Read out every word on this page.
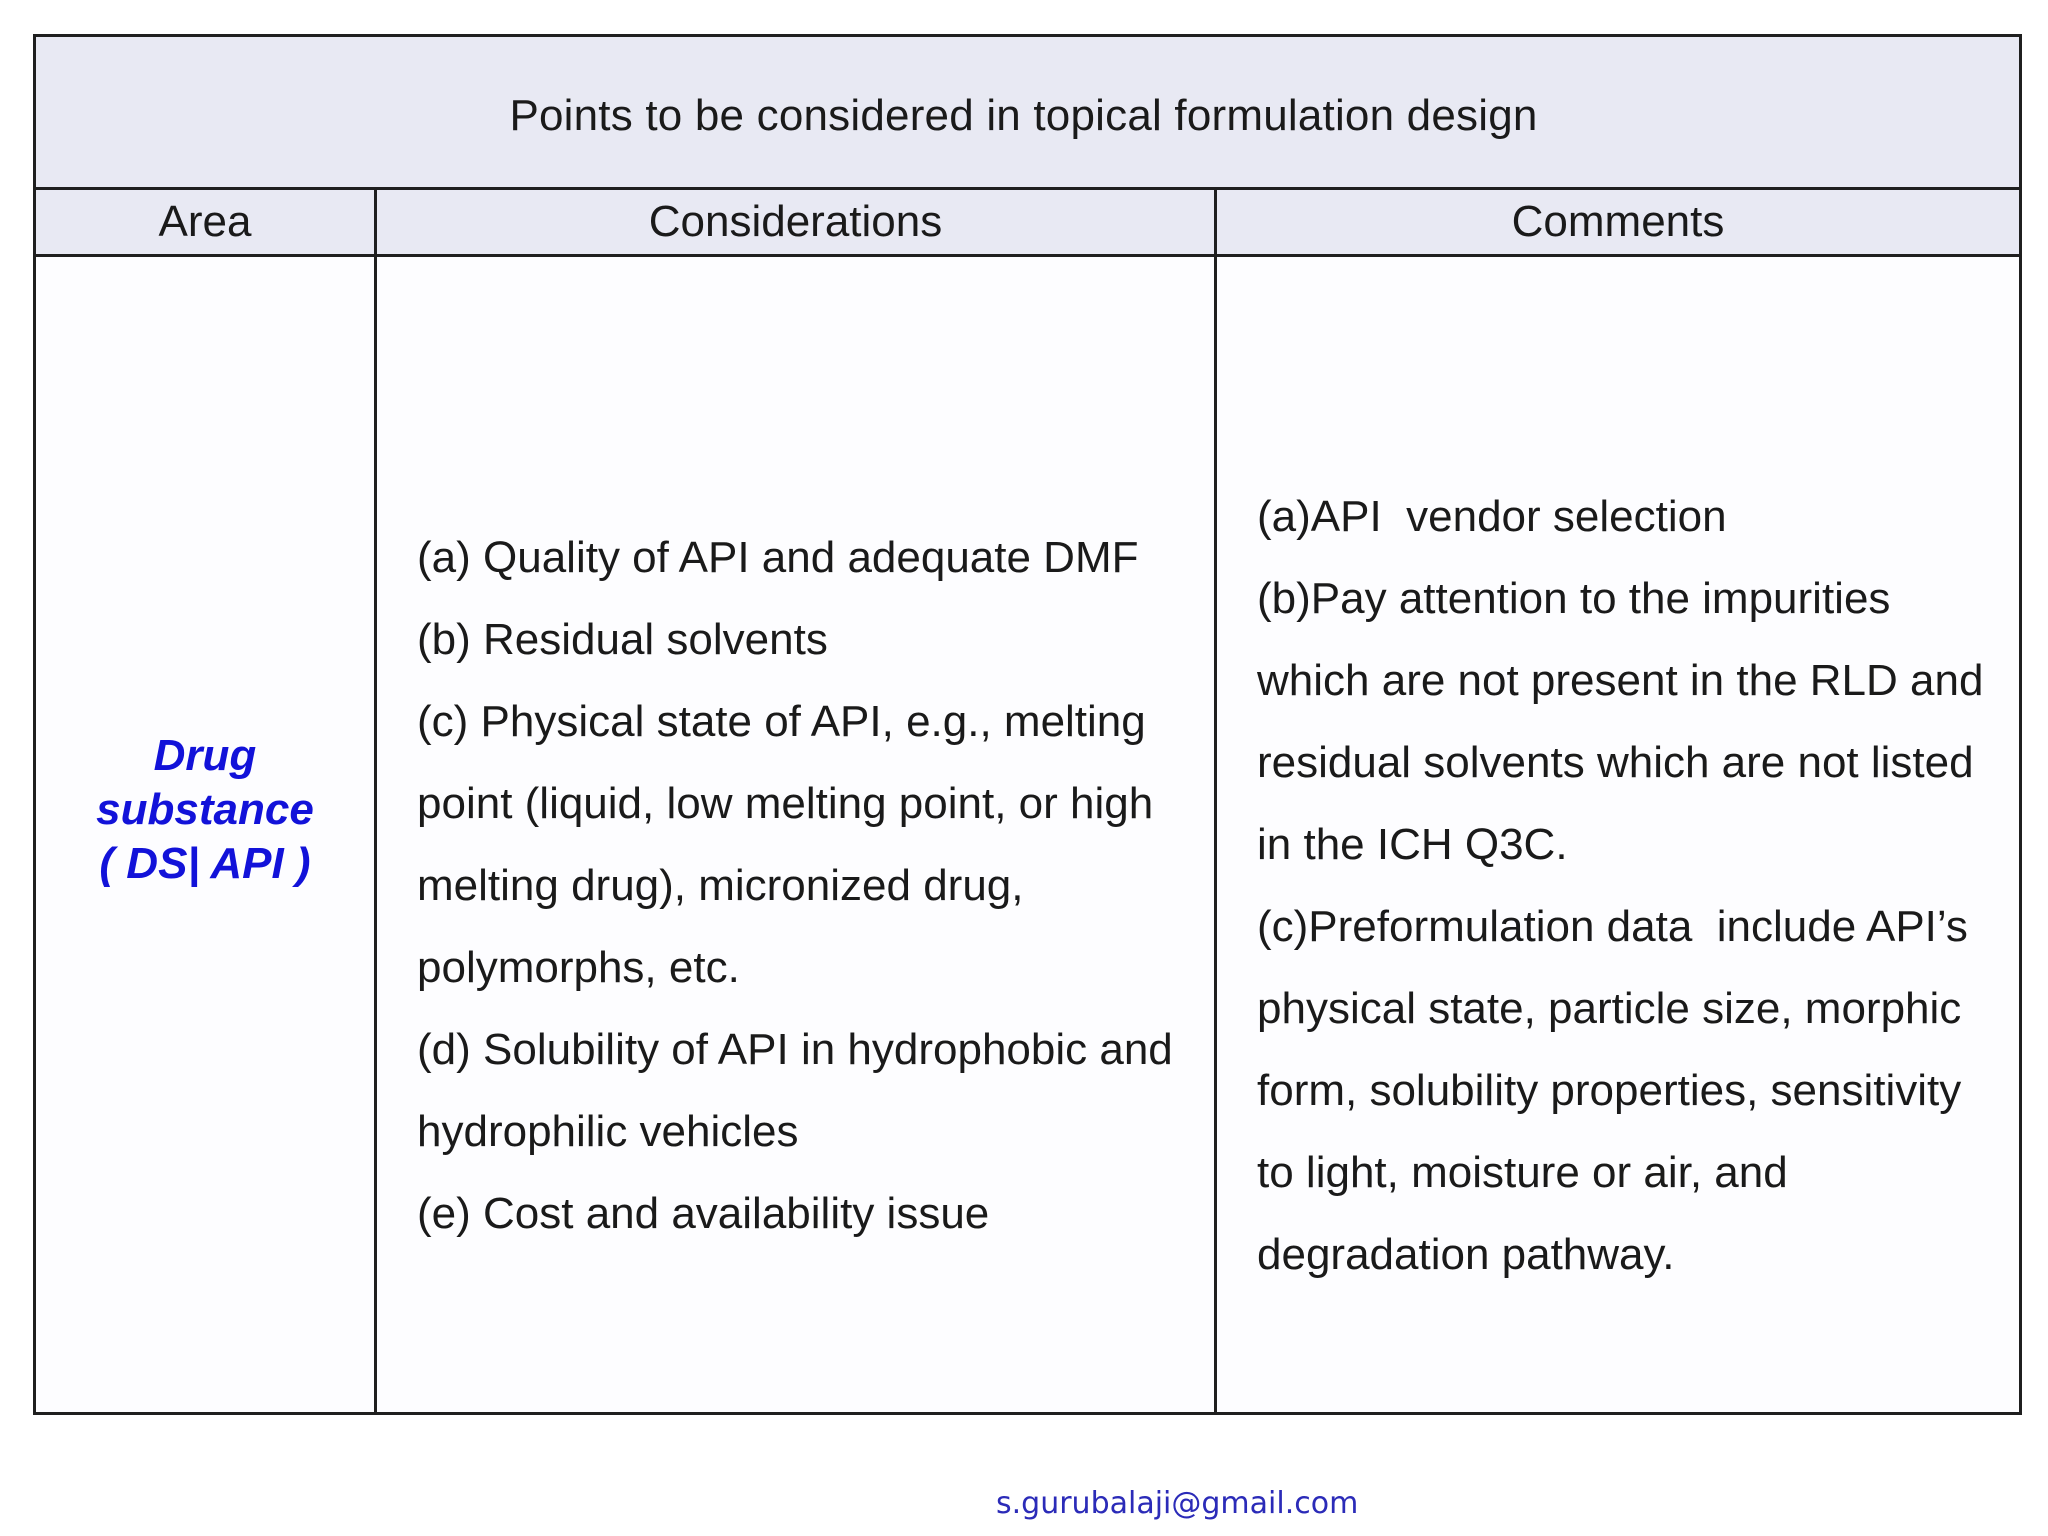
Points to be considered in topical formulation design
Area	Considerations	Comments
Drug
substance
( DS| API )
(a) Quality of API and adequate DMF
(b) Residual solvents
(c) Physical state of API, e.g., melting
point (liquid, low melting point, or high
melting drug), micronized drug,
polymorphs, etc.
(d) Solubility of API in hydrophobic and
hydrophilic vehicles
(e) Cost and availability issue
(a)API  vendor selection
(b)Pay attention to the impurities
which are not present in the RLD and
residual solvents which are not listed
in the ICH Q3C.
(c)Preformulation data  include API’s
physical state, particle size, morphic
form, solubility properties, sensitivity
to light, moisture or air, and
degradation pathway.
s.gurubalaji@gmail.com
